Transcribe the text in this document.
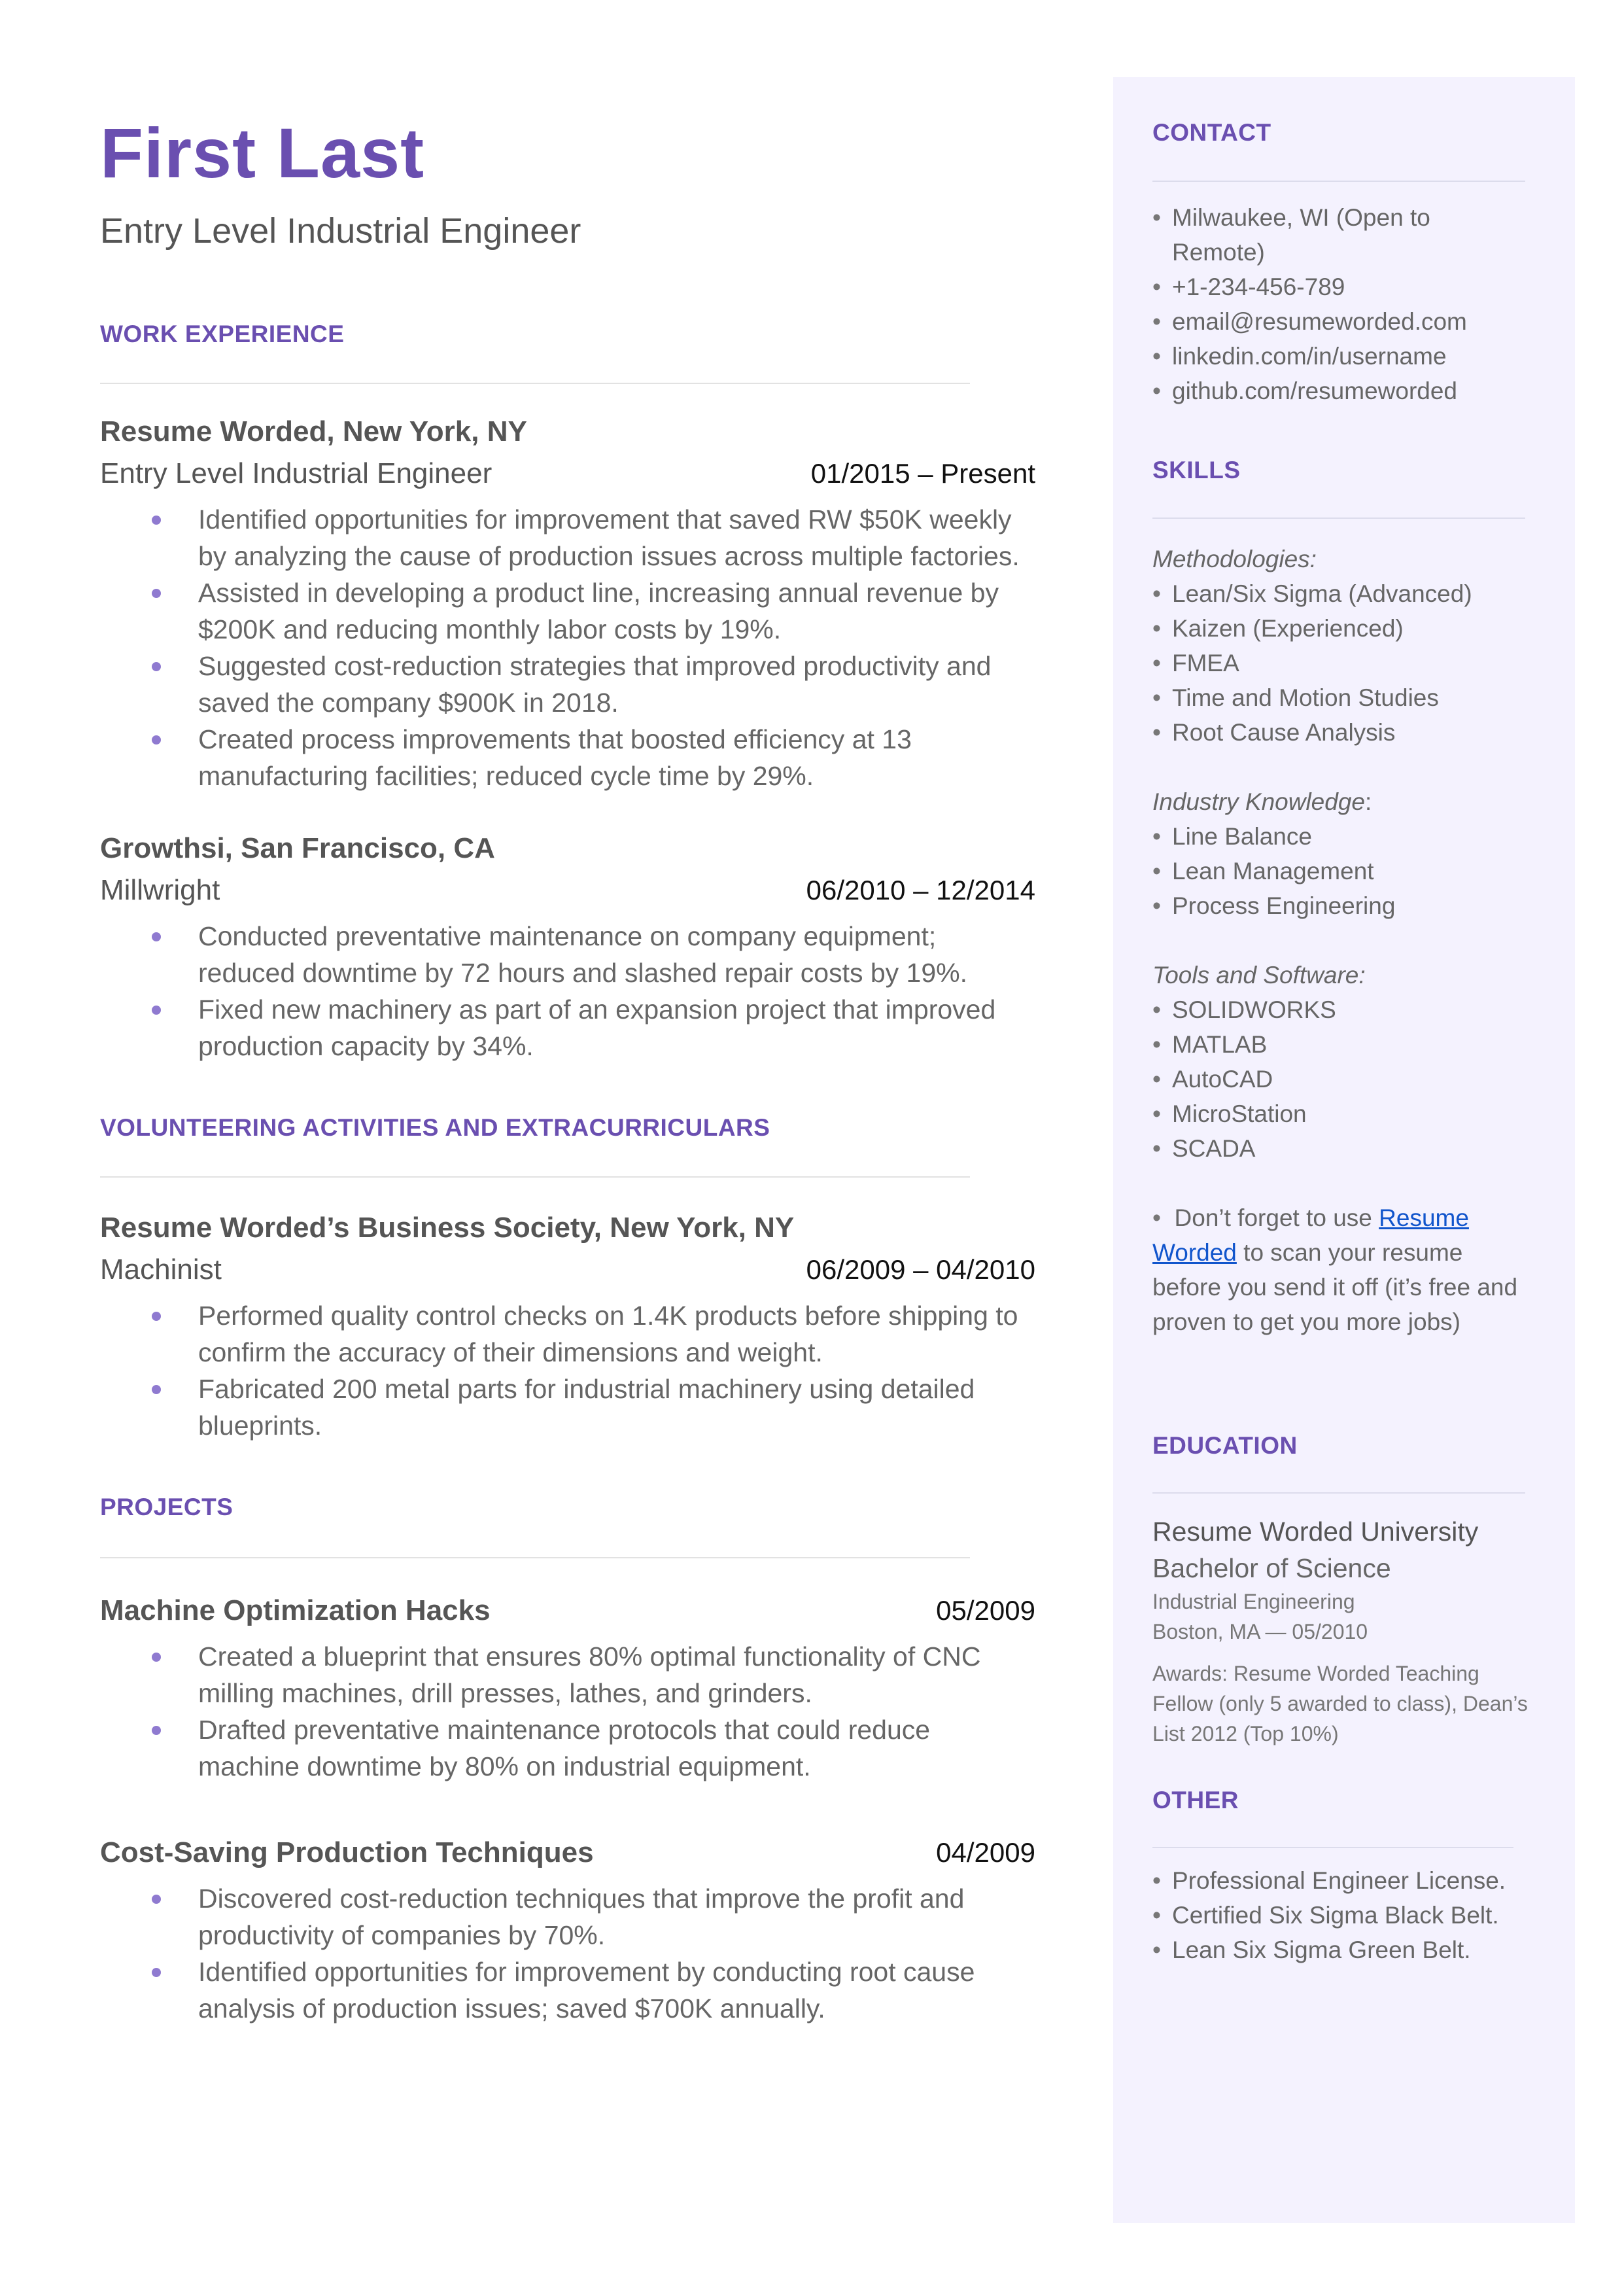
First Last
Entry Level Industrial Engineer
WORK EXPERIENCE
Resume Worded, New York, NY
Entry Level Industrial Engineer	01/2015 – Present
Identified opportunities for improvement that saved RW $50K weekly by analyzing the cause of production issues across multiple factories.
Assisted in developing a product line, increasing annual revenue by $200K and reducing monthly labor costs by 19%.
Suggested cost-reduction strategies that improved productivity and saved the company $900K in 2018.
Created process improvements that boosted efficiency at 13 manufacturing facilities; reduced cycle time by 29%.
Growthsi, San Francisco, CA
Millwright	06/2010 – 12/2014
Conducted preventative maintenance on company equipment; reduced downtime by 72 hours and slashed repair costs by 19%.
Fixed new machinery as part of an expansion project that improved production capacity by 34%.
VOLUNTEERING ACTIVITIES AND EXTRACURRICULARS
Resume Worded’s Business Society, New York, NY
Machinist	06/2009 – 04/2010
Performed quality control checks on 1.4K products before shipping to confirm the accuracy of their dimensions and weight.
Fabricated 200 metal parts for industrial machinery using detailed blueprints.
PROJECTS
Machine Optimization Hacks	05/2009
Created a blueprint that ensures 80% optimal functionality of CNC milling machines, drill presses, lathes, and grinders.
Drafted preventative maintenance protocols that could reduce machine downtime by 80% on industrial equipment.
Cost-Saving Production Techniques	04/2009
Discovered cost-reduction techniques that improve the profit and productivity of companies by 70%.
Identified opportunities for improvement by conducting root cause analysis of production issues; saved $700K annually.
CONTACT
• Milwaukee, WI (Open to Remote)
• +1-234-456-789
• email@resumeworded.com
• linkedin.com/in/username
• github.com/resumeworded
SKILLS
Methodologies:
• Lean/Six Sigma (Advanced)
• Kaizen (Experienced)
• FMEA
• Time and Motion Studies
• Root Cause Analysis
Industry Knowledge:
• Line Balance
• Lean Management
• Process Engineering
Tools and Software:
• SOLIDWORKS
• MATLAB
• AutoCAD
• MicroStation
• SCADA
• Don’t forget to use Resume Worded to scan your resume before you send it off (it’s free and proven to get you more jobs)
EDUCATION
Resume Worded University
Bachelor of Science
Industrial Engineering
Boston, MA — 05/2010
Awards: Resume Worded Teaching Fellow (only 5 awarded to class), Dean’s List 2012 (Top 10%)
OTHER
• Professional Engineer License.
• Certified Six Sigma Black Belt.
• Lean Six Sigma Green Belt.
